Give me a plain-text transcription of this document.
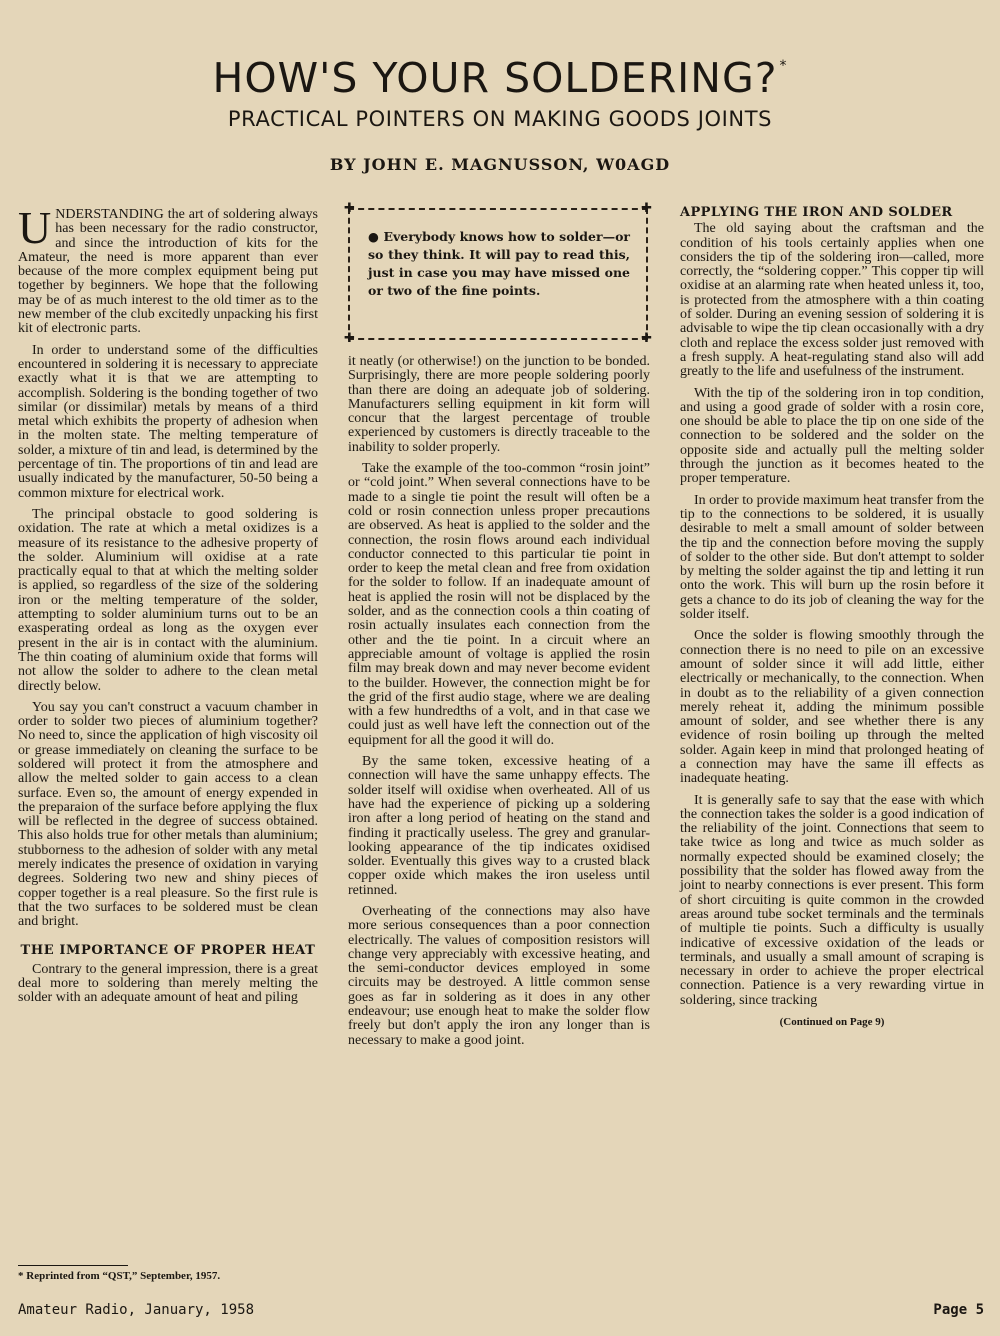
HOW'S YOUR SOLDERING? *
PRACTICAL POINTERS ON MAKING GOODS JOINTS
BY JOHN E. MAGNUSSON, W0AGD

UNDERSTANDING the art of soldering always has been necessary for the radio constructor, and since the introduction of kits for the Amateur, the need is more apparent than ever because of the more complex equipment being put together by beginners. We hope that the following may be of as much interest to the old timer as to the new member of the club excitedly unpacking his first kit of electronic parts.

In order to understand some of the difficulties encountered in soldering it is necessary to appreciate exactly what it is that we are attempting to accomplish. Soldering is the bonding together of two similar (or dissimilar) metals by means of a third metal which exhibits the property of adhesion when in the molten state. The melting temperature of solder, a mixture of tin and lead, is determined by the percentage of tin. The proportions of tin and lead are usually indicated by the manufacturer, 50-50 being a common mixture for electrical work.

The principal obstacle to good soldering is oxidation. The rate at which a metal oxidizes is a measure of its resistance to the adhesive property of the solder. Aluminium will oxidise at a rate practically equal to that at which the melting solder is applied, so regardless of the size of the soldering iron or the melting temperature of the solder, attempting to solder aluminium turns out to be an exasperating ordeal as long as the oxygen ever present in the air is in contact with the aluminium. The thin coating of aluminium oxide that forms will not allow the solder to adhere to the clean metal directly below.

You say you can't construct a vacuum chamber in order to solder two pieces of aluminium together? No need to, since the application of high viscosity oil or grease immediately on cleaning the surface to be soldered will protect it from the atmosphere and allow the melted solder to gain access to a clean surface. Even so, the amount of energy expended in the preparaion of the surface before applying the flux will be reflected in the degree of success obtained. This also holds true for other metals than aluminium; stubborness to the adhesion of solder with any metal merely indicates the presence of oxidation in varying degrees. Soldering two new and shiny pieces of copper together is a real pleasure. So the first rule is that the two surfaces to be soldered must be clean and bright.

THE IMPORTANCE OF PROPER HEAT

Contrary to the general impression, there is a great deal more to soldering than merely melting the solder with an adequate amount of heat and piling

✚	✚
✚	✚
● Everybody knows how to solder—or so they think. It will pay to read this, just in case you may have missed one or two of the fine points.

it neatly (or otherwise!) on the junction to be bonded. Surprisingly, there are more people soldering poorly than there are doing an adequate job of soldering. Manufacturers selling equipment in kit form will concur that the largest percentage of trouble experienced by customers is directly traceable to the inability to solder properly.

Take the example of the too-common “rosin joint” or “cold joint.” When several connections have to be made to a single tie point the result will often be a cold or rosin connection unless proper precautions are observed. As heat is applied to the solder and the connection, the rosin flows around each individual conductor connected to this particular tie point in order to keep the metal clean and free from oxidation for the solder to follow. If an inadequate amount of heat is applied the rosin will not be displaced by the solder, and as the connection cools a thin coating of rosin actually insulates each connection from the other and the tie point. In a circuit where an appreciable amount of voltage is applied the rosin film may break down and may never become evident to the builder. However, the connection might be for the grid of the first audio stage, where we are dealing with a few hundredths of a volt, and in that case we could just as well have left the connection out of the equipment for all the good it will do.

By the same token, excessive heating of a connection will have the same unhappy effects. The solder itself will oxidise when overheated. All of us have had the experience of picking up a soldering iron after a long period of heating on the stand and finding it practically useless. The grey and granular-looking appearance of the tip indicates oxidised solder. Eventually this gives way to a crusted black copper oxide which makes the iron useless until retinned.

Overheating of the connections may also have more serious consequences than a poor connection electrically. The values of composition resistors will change very appreciably with excessive heating, and the semi-conductor devices employed in some circuits may be destroyed. A little common sense goes as far in soldering as it does in any other endeavour; use enough heat to make the solder flow freely but don't apply the iron any longer than is necessary to make a good joint.

APPLYING THE IRON AND SOLDER

The old saying about the craftsman and the condition of his tools certainly applies when one considers the tip of the soldering iron—called, more correctly, the “soldering copper.” This copper tip will oxidise at an alarming rate when heated unless it, too, is protected from the atmosphere with a thin coating of solder. During an evening session of soldering it is advisable to wipe the tip clean occasionally with a dry cloth and replace the excess solder just removed with a fresh supply. A heat-regulating stand also will add greatly to the life and usefulness of the instrument.

With the tip of the soldering iron in top condition, and using a good grade of solder with a rosin core, one should be able to place the tip on one side of the connection to be soldered and the solder on the opposite side and actually pull the melting solder through the junction as it becomes heated to the proper temperature.

In order to provide maximum heat transfer from the tip to the connections to be soldered, it is usually desirable to melt a small amount of solder between the tip and the connection before moving the supply of solder to the other side. But don't attempt to solder by melting the solder against the tip and letting it run onto the work. This will burn up the rosin before it gets a chance to do its job of cleaning the way for the solder itself.

Once the solder is flowing smoothly through the connection there is no need to pile on an excessive amount of solder since it will add little, either electrically or mechanically, to the connection. When in doubt as to the reliability of a given connection merely reheat it, adding the minimum possible amount of solder, and see whether there is any evidence of rosin boiling up through the melted solder. Again keep in mind that prolonged heating of a connection may have the same ill effects as inadequate heating.

It is generally safe to say that the ease with which the connection takes the solder is a good indication of the reliability of the joint. Connections that seem to take twice as long and twice as much solder as normally expected should be examined closely; the possibility that the solder has flowed away from the joint to nearby connections is ever present. This form of short circuiting is quite common in the crowded areas around tube socket terminals and the terminals of multiple tie points. Such a difficulty is usually indicative of excessive oxidation of the leads or terminals, and usually a small amount of scraping is necessary in order to achieve the proper electrical connection. Patience is a very rewarding virtue in soldering, since tracking

(Continued on Page 9)
* Reprinted from “QST,” September, 1957.
Amateur Radio, January, 1958	Page 5
